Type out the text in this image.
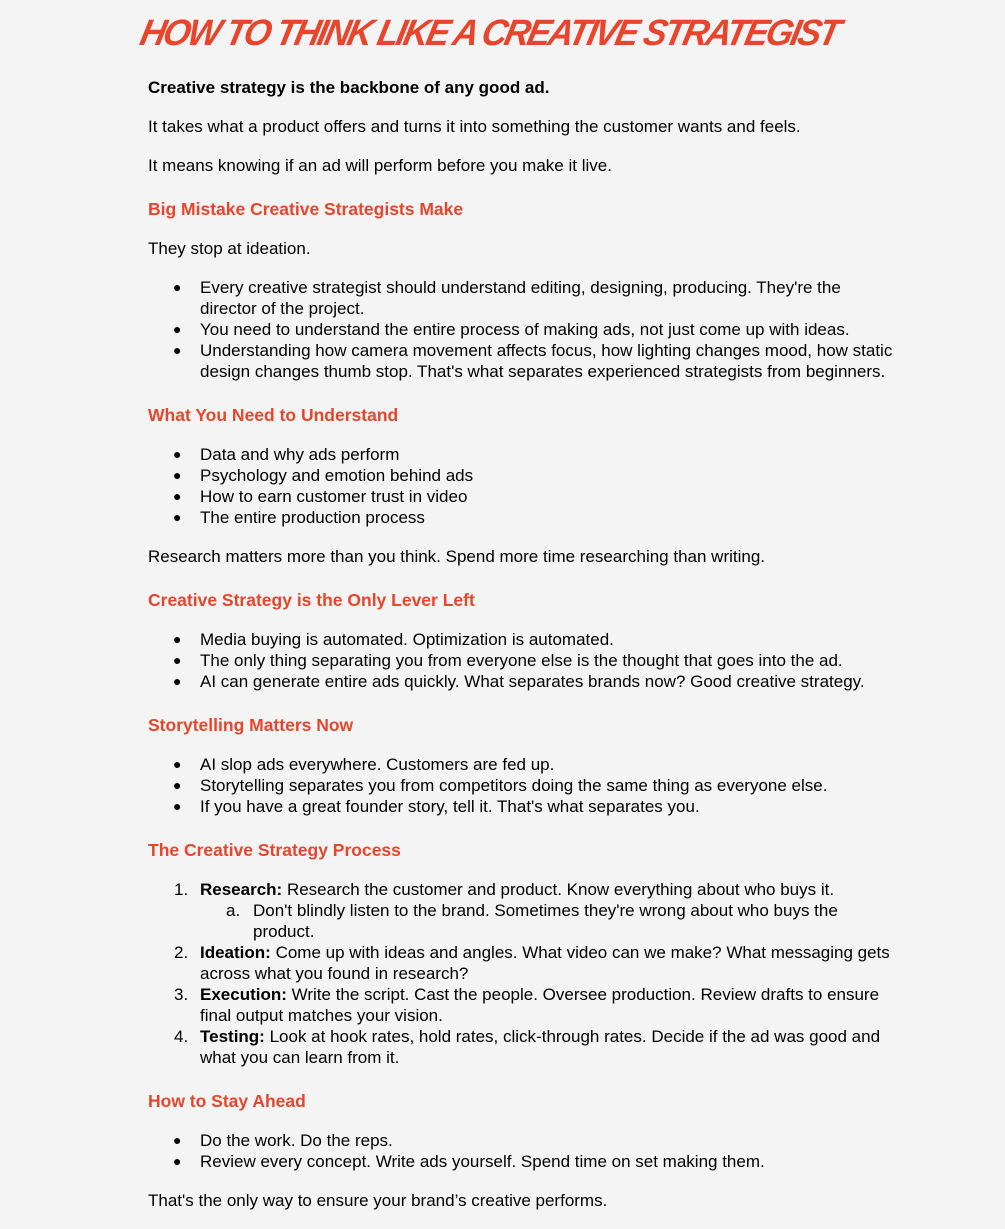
HOW TO THINK LIKE A CREATIVE STRATEGIST

Creative strategy is the backbone of any good ad.

It takes what a product offers and turns it into something the customer wants and feels.

It means knowing if an ad will perform before you make it live.

Big Mistake Creative Strategists Make

They stop at ideation.

● Every creative strategist should understand editing, designing, producing. They're the director of the project.
● You need to understand the entire process of making ads, not just come up with ideas.
● Understanding how camera movement affects focus, how lighting changes mood, how static design changes thumb stop. That's what separates experienced strategists from beginners.
What You Need to Understand
● Data and why ads perform
● Psychology and emotion behind ads
● How to earn customer trust in video
● The entire production process

Research matters more than you think. Spend more time researching than writing.

Creative Strategy is the Only Lever Left
● Media buying is automated. Optimization is automated.
● The only thing separating you from everyone else is the thought that goes into the ad.
● AI can generate entire ads quickly. What separates brands now? Good creative strategy.
Storytelling Matters Now
● AI slop ads everywhere. Customers are fed up.
● Storytelling separates you from competitors doing the same thing as everyone else.
● If you have a great founder story, tell it. That's what separates you.
The Creative Strategy Process
1. Research: Research the customer and product. Know everything about who buys it.
a. Don't blindly listen to the brand. Sometimes they're wrong about who buys the product.
2. Ideation: Come up with ideas and angles. What video can we make? What messaging gets across what you found in research?
3. Execution: Write the script. Cast the people. Oversee production. Review drafts to ensure final output matches your vision.
4. Testing: Look at hook rates, hold rates, click-through rates. Decide if the ad was good and what you can learn from it.
How to Stay Ahead
● Do the work. Do the reps.
● Review every concept. Write ads yourself. Spend time on set making them.

That's the only way to ensure your brand’s creative performs.
